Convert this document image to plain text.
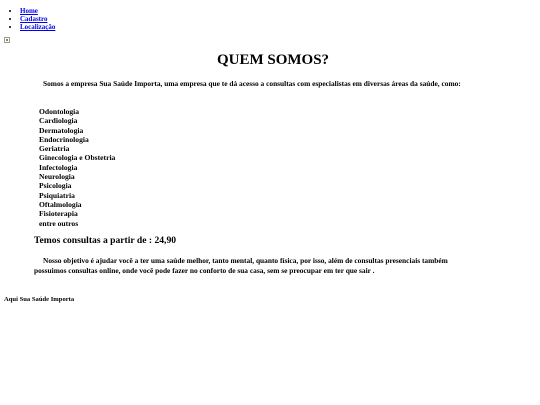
• Home
• Cadastro
• Localização
QUEM SOMOS?

Somos a empresa Sua Saúde Importa, uma empresa que te dá acesso a consultas com especialistas em diversas áreas da saúde, como:

Odontologia
Cardiologia
Dermatologia
Endocrinologia
Geriatria
Ginecologia e Obstetria
Infectologia
Neurologia
Psicologia
Psiquiatria
Oftalmologia
Fisioterapia
entre outros
Temos consultas a partir de : 24,90

Nosso objetivo é ajudar você a ter uma saúde melhor, tanto mental, quanto física, por isso, além de consultas presenciais também possuimos consultas online, onde você pode fazer no conforto de sua casa, sem se preocupar em ter que sair .

Aqui Sua Saúde Importa
